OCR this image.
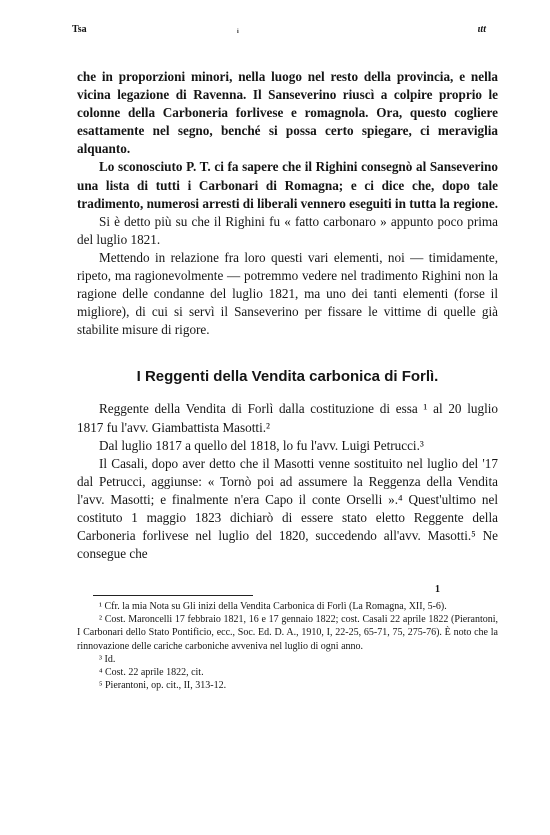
Tsa	ᵢ	ιtt

che in proporzioni minori, nella luogo nel resto della provincia, e nella vicina legazione di Ravenna. Il Sanseverino riuscì a colpire proprio le colonne della Carboneria forlivese e romagnola. Ora, questo cogliere esattamente nel segno, benché si possa certo spiegare, ci meraviglia alquanto.

Lo sconosciuto P. T. ci fa sapere che il Righini consegnò al Sanseverino una lista di tutti i Carbonari di Romagna; e ci dice che, dopo tale tradimento, numerosi arresti di liberali vennero eseguiti in tutta la regione.

Si è detto più su che il Righini fu « fatto carbonaro » appunto poco prima del luglio 1821.

Mettendo in relazione fra loro questi vari elementi, noi — timidamente, ripeto, ma ragionevolmente — potremmo vedere nel tradimento Righini non la ragione delle condanne del luglio 1821, ma uno dei tanti elementi (forse il migliore), di cui si servì il Sanseverino per fissare le vittime di quelle già stabilite misure di rigore.

I Reggenti della Vendita carbonica di Forlì.

Reggente della Vendita di Forlì dalla costituzione di essa ¹ al 20 luglio 1817 fu l'avv. Giambattista Masotti.²

Dal luglio 1817 a quello del 1818, lo fu l'avv. Luigi Petrucci.³

Il Casali, dopo aver detto che il Masotti venne sostituito nel luglio del '17 dal Petrucci, aggiunse: « Tornò poi ad assumere la Reggenza della Vendita l'avv. Masotti; e finalmente n'era Capo il conte Orselli ».⁴ Quest'ultimo nel costituto 1 maggio 1823 dichiarò di essere stato eletto Reggente della Carboneria forlivese nel luglio del 1820, succedendo all'avv. Masotti.⁵ Ne consegue che

1

¹ Cfr. la mia Nota su Gli inizi della Vendita Carbonica di Forlì (La Romagna, XII, 5-6).

² Cost. Maroncelli 17 febbraio 1821, 16 e 17 gennaio 1822; cost. Casali 22 aprile 1822 (Pierantoni, I Carbonari dello Stato Pontificio, ecc., Soc. Ed. D. A., 1910, I, 22-25, 65-71, 75, 275-76). È noto che la rinnovazione delle cariche carboniche avveniva nel luglio di ogni anno.

³ Id.

⁴ Cost. 22 aprile 1822, cit.

⁵ Pierantoni, op. cit., II, 313-12.
